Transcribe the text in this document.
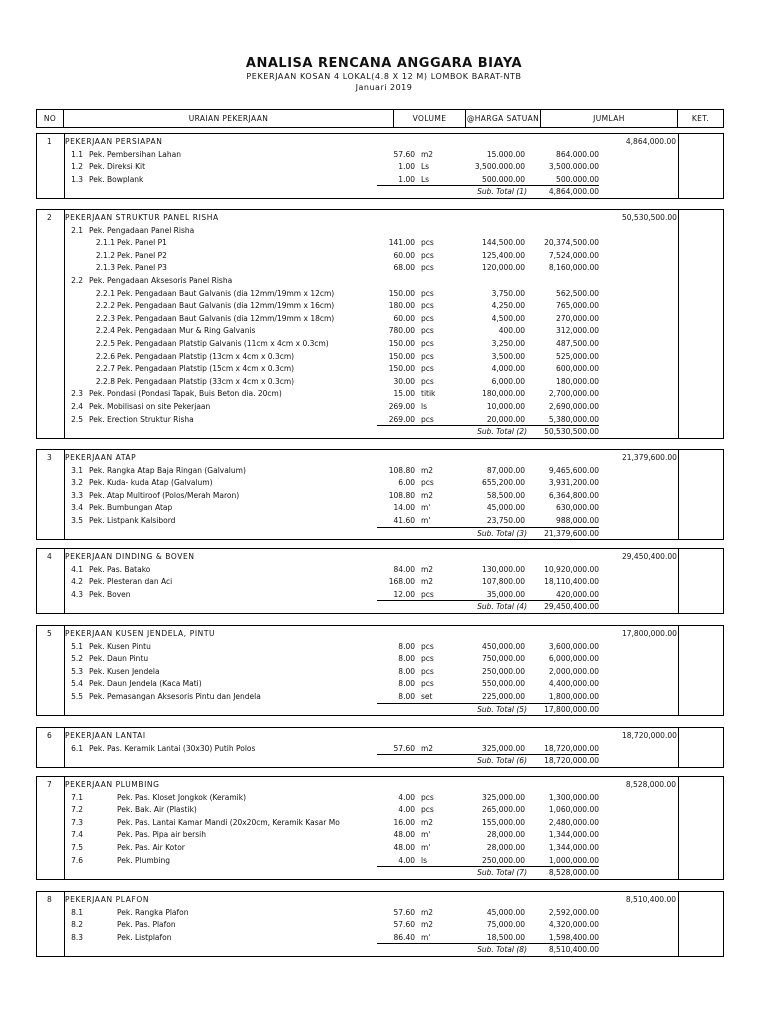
ANALISA RENCANA ANGGARA BIAYA
PEKERJAAN KOSAN 4 LOKAL(4.8 X 12 M) LOMBOK BARAT-NTB
Januari 2019
NO	URAIAN PEKERJAAN	VOLUME	@HARGA SATUAN	JUMLAH	KET.
1 PEKERJAAN PERSIAPAN	4,864,000.00
1.1 Pek. Pembersihan Lahan	57.60 m2	15.000.00	864.000.00
1.2 Pek. Direksi Kit	1.00 Ls	3,500.000.00	3,500.000.00
1.3 Pek. Bowplank	1.00 Ls	500.000.00	500.000.00
Sub. Total (1)	4,864,000.00
2 PEKERJAAN STRUKTUR PANEL RISHA	50,530,500.00
2.1 Pek. Pengadaan Panel Risha
2.1.1 Pek. Panel P1	141.00 pcs	144,500.00	20,374,500.00
2.1.2 Pek. Panel P2	60.00 pcs	125,400.00	7,524,000.00
2.1.3 Pek. Panel P3	68.00 pcs	120,000.00	8,160,000.00
2.2 Pek. Pengadaan Aksesoris Panel Risha
2.2.1 Pek. Pengadaan Baut Galvanis (dia 12mm/19mm x 12cm)	150.00 pcs	3,750.00	562,500.00
2.2.2 Pek. Pengadaan Baut Galvanis (dia 12mm/19mm x 16cm)	180.00 pcs	4,250.00	765,000.00
2.2.3 Pek. Pengadaan Baut Galvanis (dia 12mm/19mm x 18cm)	60.00 pcs	4,500.00	270,000.00
2.2.4 Pek. Pengadaan Mur & Ring Galvanis	780.00 pcs	400.00	312,000.00
2.2.5 Pek. Pengadaan Platstip Galvanis (11cm x 4cm x 0.3cm)	150.00 pcs	3,250.00	487,500.00
2.2.6 Pek. Pengadaan Platstip (13cm x 4cm x 0.3cm)	150.00 pcs	3,500.00	525,000.00
2.2.7 Pek. Pengadaan Platstip (15cm x 4cm x 0.3cm)	150.00 pcs	4,000.00	600,000.00
2.2.8 Pek. Pengadaan Platstip (33cm x 4cm x 0.3cm)	30.00 pcs	6,000.00	180,000.00
2.3 Pek. Pondasi (Pondasi Tapak, Buis Beton dia. 20cm)	15.00 titik	180,000.00	2,700,000.00
2.4 Pek. Mobilisasi on site Pekerjaan	269.00 ls	10,000.00	2,690,000.00
2.5 Pek. Erection Struktur Risha	269.00 pcs	20,000.00	5,380,000.00
Sub. Total (2)	50,530,500.00
3 PEKERJAAN ATAP	21,379,600.00
3.1 Pek. Rangka Atap Baja Ringan (Galvalum)	108.80 m2	87,000.00	9,465,600.00
3.2 Pek. Kuda- kuda Atap (Galvalum)	6.00 pcs	655,200.00	3,931,200.00
3.3 Pek. Atap Multiroof (Polos/Merah Maron)	108.80 m2	58,500.00	6,364,800.00
3.4 Pek. Bumbungan Atap	14.00 m'	45,000.00	630,000.00
3.5 Pek. Listpank Kalsibord	41.60 m'	23,750.00	988,000.00
Sub. Total (3)	21,379,600.00
4 PEKERJAAN DINDING & BOVEN	29,450,400.00
4.1 Pek. Pas. Batako	84.00 m2	130,000.00	10,920,000.00
4.2 Pek. Plesteran dan Aci	168.00 m2	107,800.00	18,110,400.00
4.3 Pek. Boven	12.00 pcs	35,000.00	420,000.00
Sub. Total (4)	29,450,400.00
5 PEKERJAAN KUSEN JENDELA, PINTU	17,800,000.00
5.1 Pek. Kusen Pintu	8.00 pcs	450,000.00	3,600,000.00
5.2 Pek. Daun Pintu	8.00 pcs	750,000.00	6,000,000.00
5.3 Pek. Kusen Jendela	8.00 pcs	250,000.00	2,000,000.00
5.4 Pek. Daun Jendela (Kaca Mati)	8.00 pcs	550,000.00	4,400,000.00
5.5 Pek. Pemasangan Aksesoris Pintu dan Jendela	8.00 set	225,000.00	1,800,000.00
Sub. Total (5)	17,800,000.00
6 PEKERJAAN LANTAI	18,720,000.00
6.1 Pek. Pas. Keramik Lantai (30x30) Putih Polos	57.60 m2	325,000.00	18,720,000.00
Sub. Total (6)	18,720,000.00
7 PEKERJAAN PLUMBING	8,528,000.00
7.1	Pek. Pas. Kloset Jongkok (Keramik)	4.00 pcs	325,000.00	1,300,000.00
7.2	Pek. Bak. Air (Plastik)	4.00 pcs	265,000.00	1,060,000.00
7.3	Pek. Pas. Lantai Kamar Mandi (20x20cm, Keramik Kasar Mo	16.00 m2	155,000.00	2,480,000.00
7.4	Pek. Pas. Pipa air bersih	48.00 m'	28,000.00	1,344,000.00
7.5	Pek. Pas. Air Kotor	48.00 m'	28,000.00	1,344,000.00
7.6	Pek. Plumbing	4.00 ls	250,000.00	1,000,000.00
Sub. Total (7)	8,528,000.00
8 PEKERJAAN PLAFON	8,510,400.00
8.1	Pek. Rangka Plafon	57.60 m2	45,000.00	2,592,000.00
8.2	Pek. Pas. Plafon	57.60 m2	75,000.00	4,320,000.00
8.3	Pek. Listplafon	86.40 m'	18,500.00	1,598,400.00
Sub. Total (8)	8,510,400.00
